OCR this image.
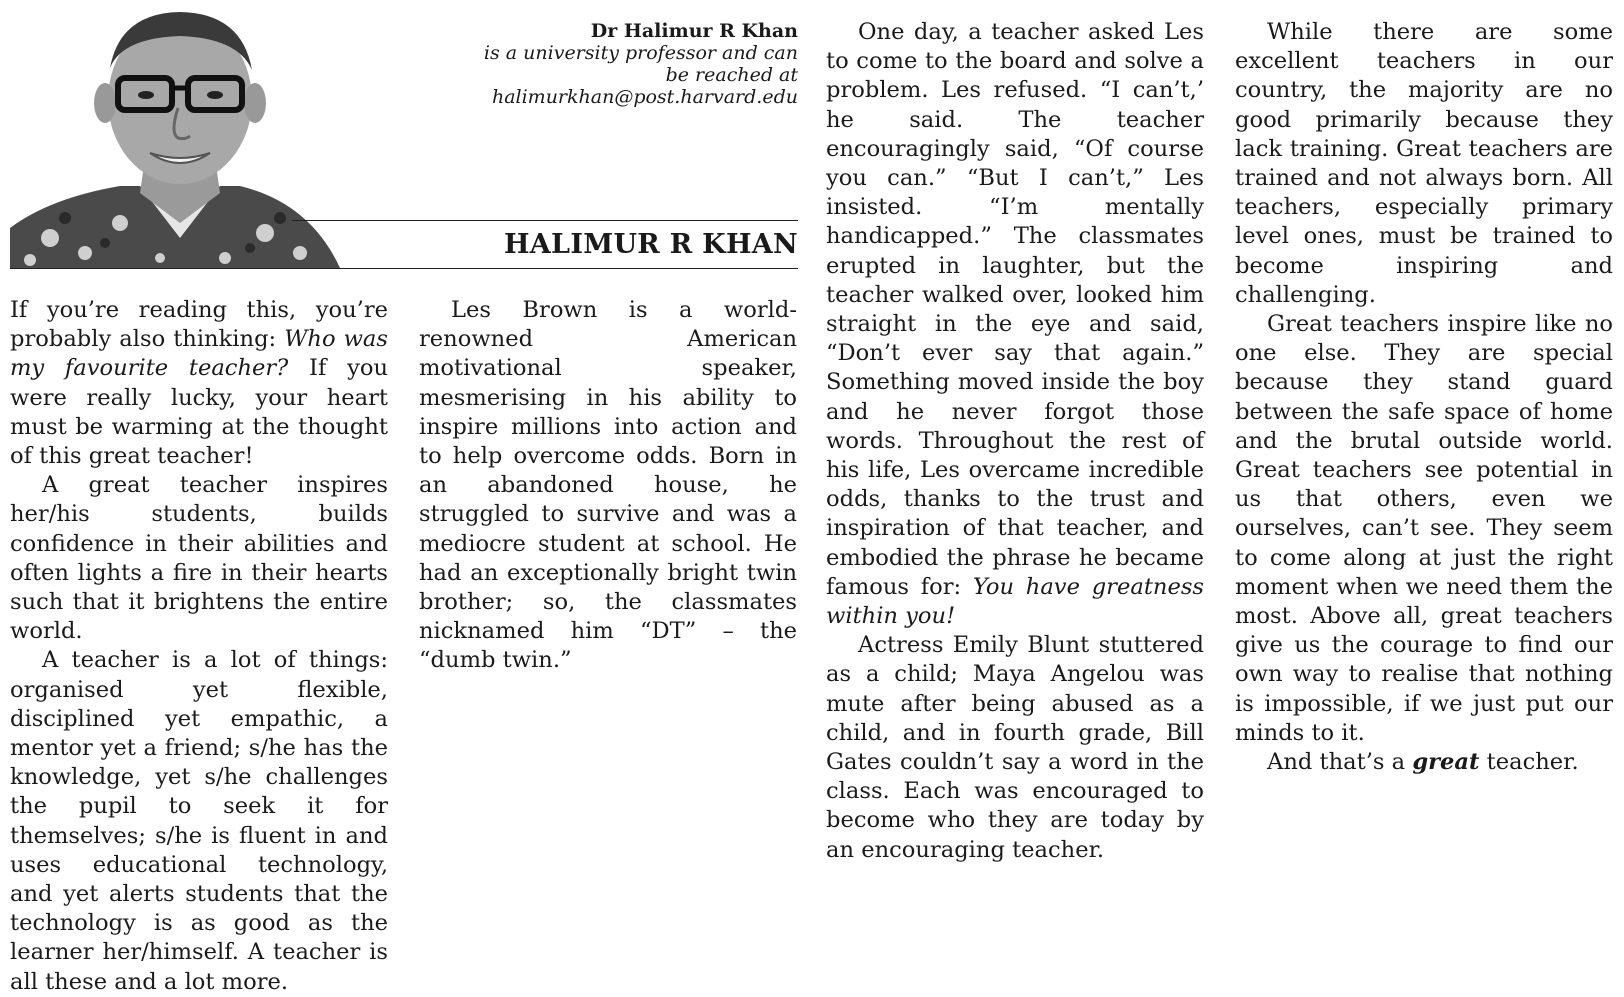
Dr Halimur R Khan
is a university professor and can be reached at halimurkhan@post.harvard.edu
HALIMUR R KHAN

If you’re reading this, you’re probably also thinking: Who was my favourite teacher? If you were really lucky, your heart must be warming at the thought of this great teacher!

A great teacher inspires her/his students, builds confidence in their abilities and often lights a fire in their hearts such that it brightens the entire world.

A teacher is a lot of things: organised yet flexible, disciplined yet empathic, a mentor yet a friend; s/he has the knowledge, yet s/he challenges the pupil to seek it for themselves; s/he is fluent in and uses educational technology, and yet alerts students that the technology is as good as the learner her/himself. A teacher is all these and a lot more.

Les Brown is a world-renowned American motivational speaker, mesmerising in his ability to inspire millions into action and to help overcome odds. Born in an abandoned house, he struggled to survive and was a mediocre student at school. He had an exceptionally bright twin brother; so, the classmates nicknamed him “DT” – the “dumb twin.”

One day, a teacher asked Les to come to the board and solve a problem. Les refused. “I can’t,’ he said. The teacher encouragingly said, “Of course you can.” “But I can’t,” Les insisted. “I’m mentally handicapped.” The classmates erupted in laughter, but the teacher walked over, looked him straight in the eye and said, “Don’t ever say that again.” Something moved inside the boy and he never forgot those words. Throughout the rest of his life, Les overcame incredible odds, thanks to the trust and inspiration of that teacher, and embodied the phrase he became famous for: You have greatness within you!

Actress Emily Blunt stuttered as a child; Maya Angelou was mute after being abused as a child, and in fourth grade, Bill Gates couldn’t say a word in the class. Each was encouraged to become who they are today by an encouraging teacher.

While there are some excellent teachers in our country, the majority are no good primarily because they lack training. Great teachers are trained and not always born. All teachers, especially primary level ones, must be trained to become inspiring and challenging.

Great teachers inspire like no one else. They are special because they stand guard between the safe space of home and the brutal outside world. Great teachers see potential in us that others, even we ourselves, can’t see. They seem to come along at just the right moment when we need them the most. Above all, great teachers give us the courage to find our own way to realise that nothing is impossible, if we just put our minds to it.

And that’s a great teacher.
